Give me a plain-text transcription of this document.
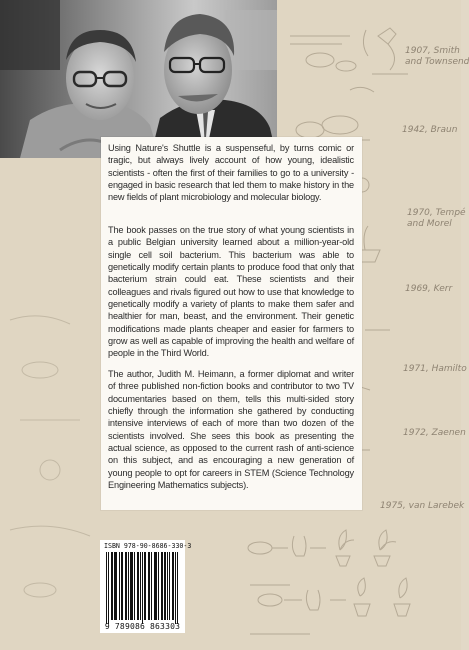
1907, Smith
and Townsend
1942, Braun
1970, Tempé
and Morel
1969, Kerr
1971, Hamilto
1972, Zaenen
1975, van Larebek

Using Nature's Shuttle is a suspenseful, by turns comic or tragic, but always lively account of how young, idealistic scientists - often the first of their families to go to a university - engaged in basic research that led them to make history in the new fields of plant microbiology and molecular biology.

The book passes on the true story of what young scientists in a public Belgian university learned about a million-year-old single cell soil bacterium. This bacterium was able to genetically modify certain plants to produce food that only that bacterium strain could eat. These scientists and their colleagues and rivals figured out how to use that knowledge to genetically modify a variety of plants to make them safer and healthier for man, beast, and the environment. Their genetic modifications made plants cheaper and easier for farmers to grow as well as capable of improving the health and welfare of people in the Third World.

The author, Judith M. Heimann, a former diplomat and writer of three published non-fiction books and contributor to two TV documentaries based on them, tells this multi-sided story chiefly through the information she gathered by conducting intensive interviews of each of more than two dozen of the scientists involved. She sees this book as presenting the actual science, as opposed to the current rash of anti-science on this subject, and as encouraging a new generation of young people to opt for careers in STEM (Science Technology Engineering Mathematics subjects).

ISBN 978-90-8686-330-3
9 789086 863303
